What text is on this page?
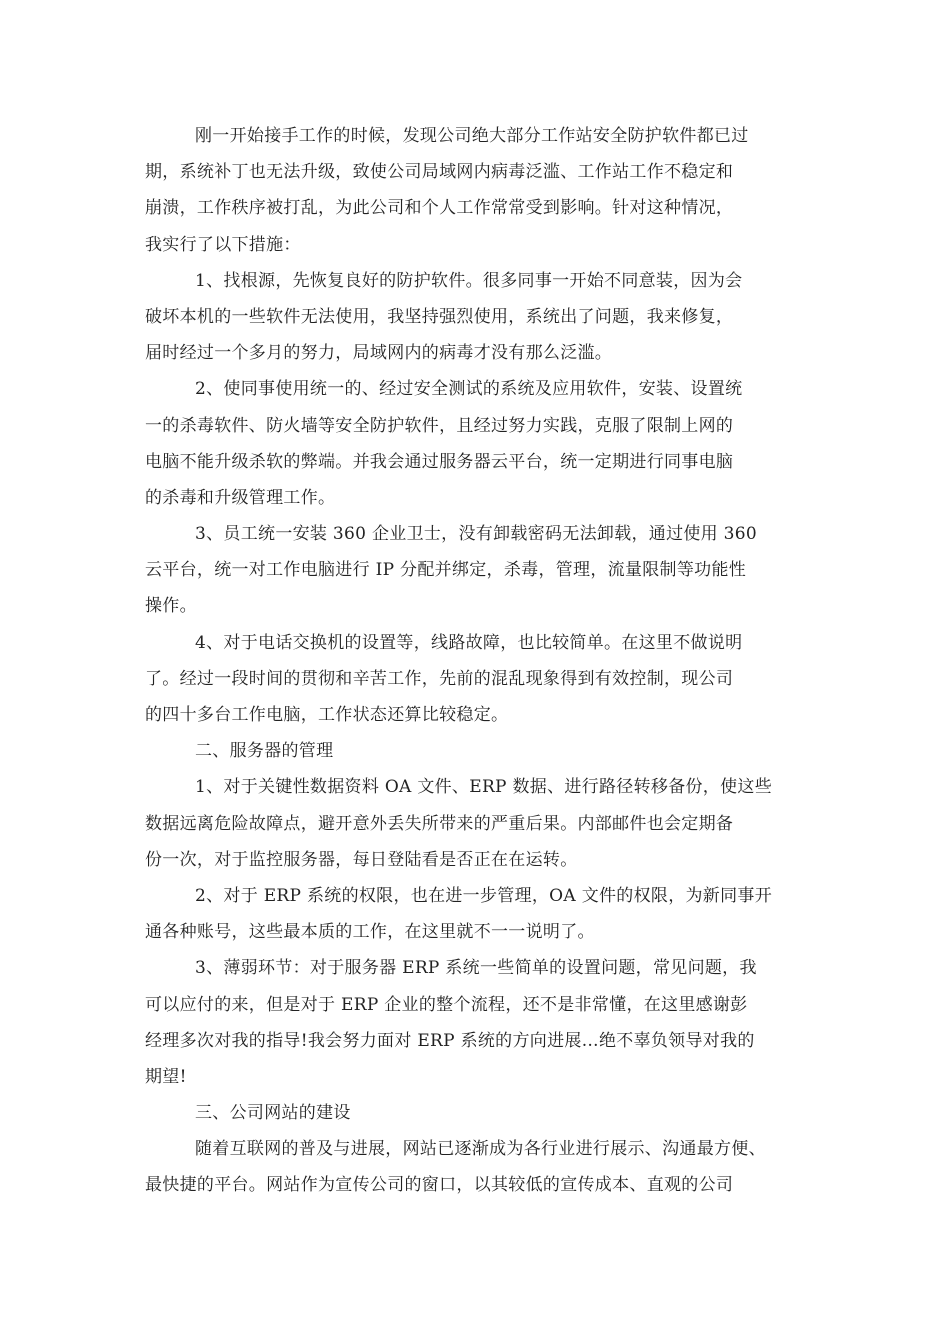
刚一开始接手工作的时候，发现公司绝大部分工作站安全防护软件都已过
期，系统补丁也无法升级，致使公司局域网内病毒泛滥、工作站工作不稳定和
崩溃，工作秩序被打乱，为此公司和个人工作常常受到影响。针对这种情况，
我实行了以下措施：
1、找根源，先恢复良好的防护软件。很多同事一开始不同意装，因为会
破坏本机的一些软件无法使用，我坚持强烈使用，系统出了问题，我来修复，
届时经过一个多月的努力，局域网内的病毒才没有那么泛滥。
2、使同事使用统一的、经过安全测试的系统及应用软件，安装、设置统
一的杀毒软件、防火墙等安全防护软件，且经过努力实践，克服了限制上网的
电脑不能升级杀软的弊端。并我会通过服务器云平台，统一定期进行同事电脑
的杀毒和升级管理工作。
3、员工统一安装 360 企业卫士，没有卸载密码无法卸载，通过使用 360
云平台，统一对工作电脑进行 IP 分配并绑定，杀毒，管理，流量限制等功能性
操作。
4、对于电话交换机的设置等，线路故障，也比较简单。在这里不做说明
了。经过一段时间的贯彻和辛苦工作，先前的混乱现象得到有效控制，现公司
的四十多台工作电脑，工作状态还算比较稳定。
二、服务器的管理
1、对于关键性数据资料 OA 文件、ERP 数据、进行路径转移备份，使这些
数据远离危险故障点，避开意外丢失所带来的严重后果。内部邮件也会定期备
份一次，对于监控服务器，每日登陆看是否正在在运转。
2、对于 ERP 系统的权限，也在进一步管理，OA 文件的权限，为新同事开
通各种账号，这些最本质的工作，在这里就不一一说明了。
3、薄弱环节：对于服务器 ERP 系统一些简单的设置问题，常见问题，我
可以应付的来，但是对于 ERP 企业的整个流程，还不是非常懂，在这里感谢彭
经理多次对我的指导!我会努力面对 ERP 系统的方向进展…绝不辜负领导对我的
期望!
三、公司网站的建设
随着互联网的普及与进展，网站已逐渐成为各行业进行展示、沟通最方便、
最快捷的平台。网站作为宣传公司的窗口，以其较低的宣传成本、直观的公司
